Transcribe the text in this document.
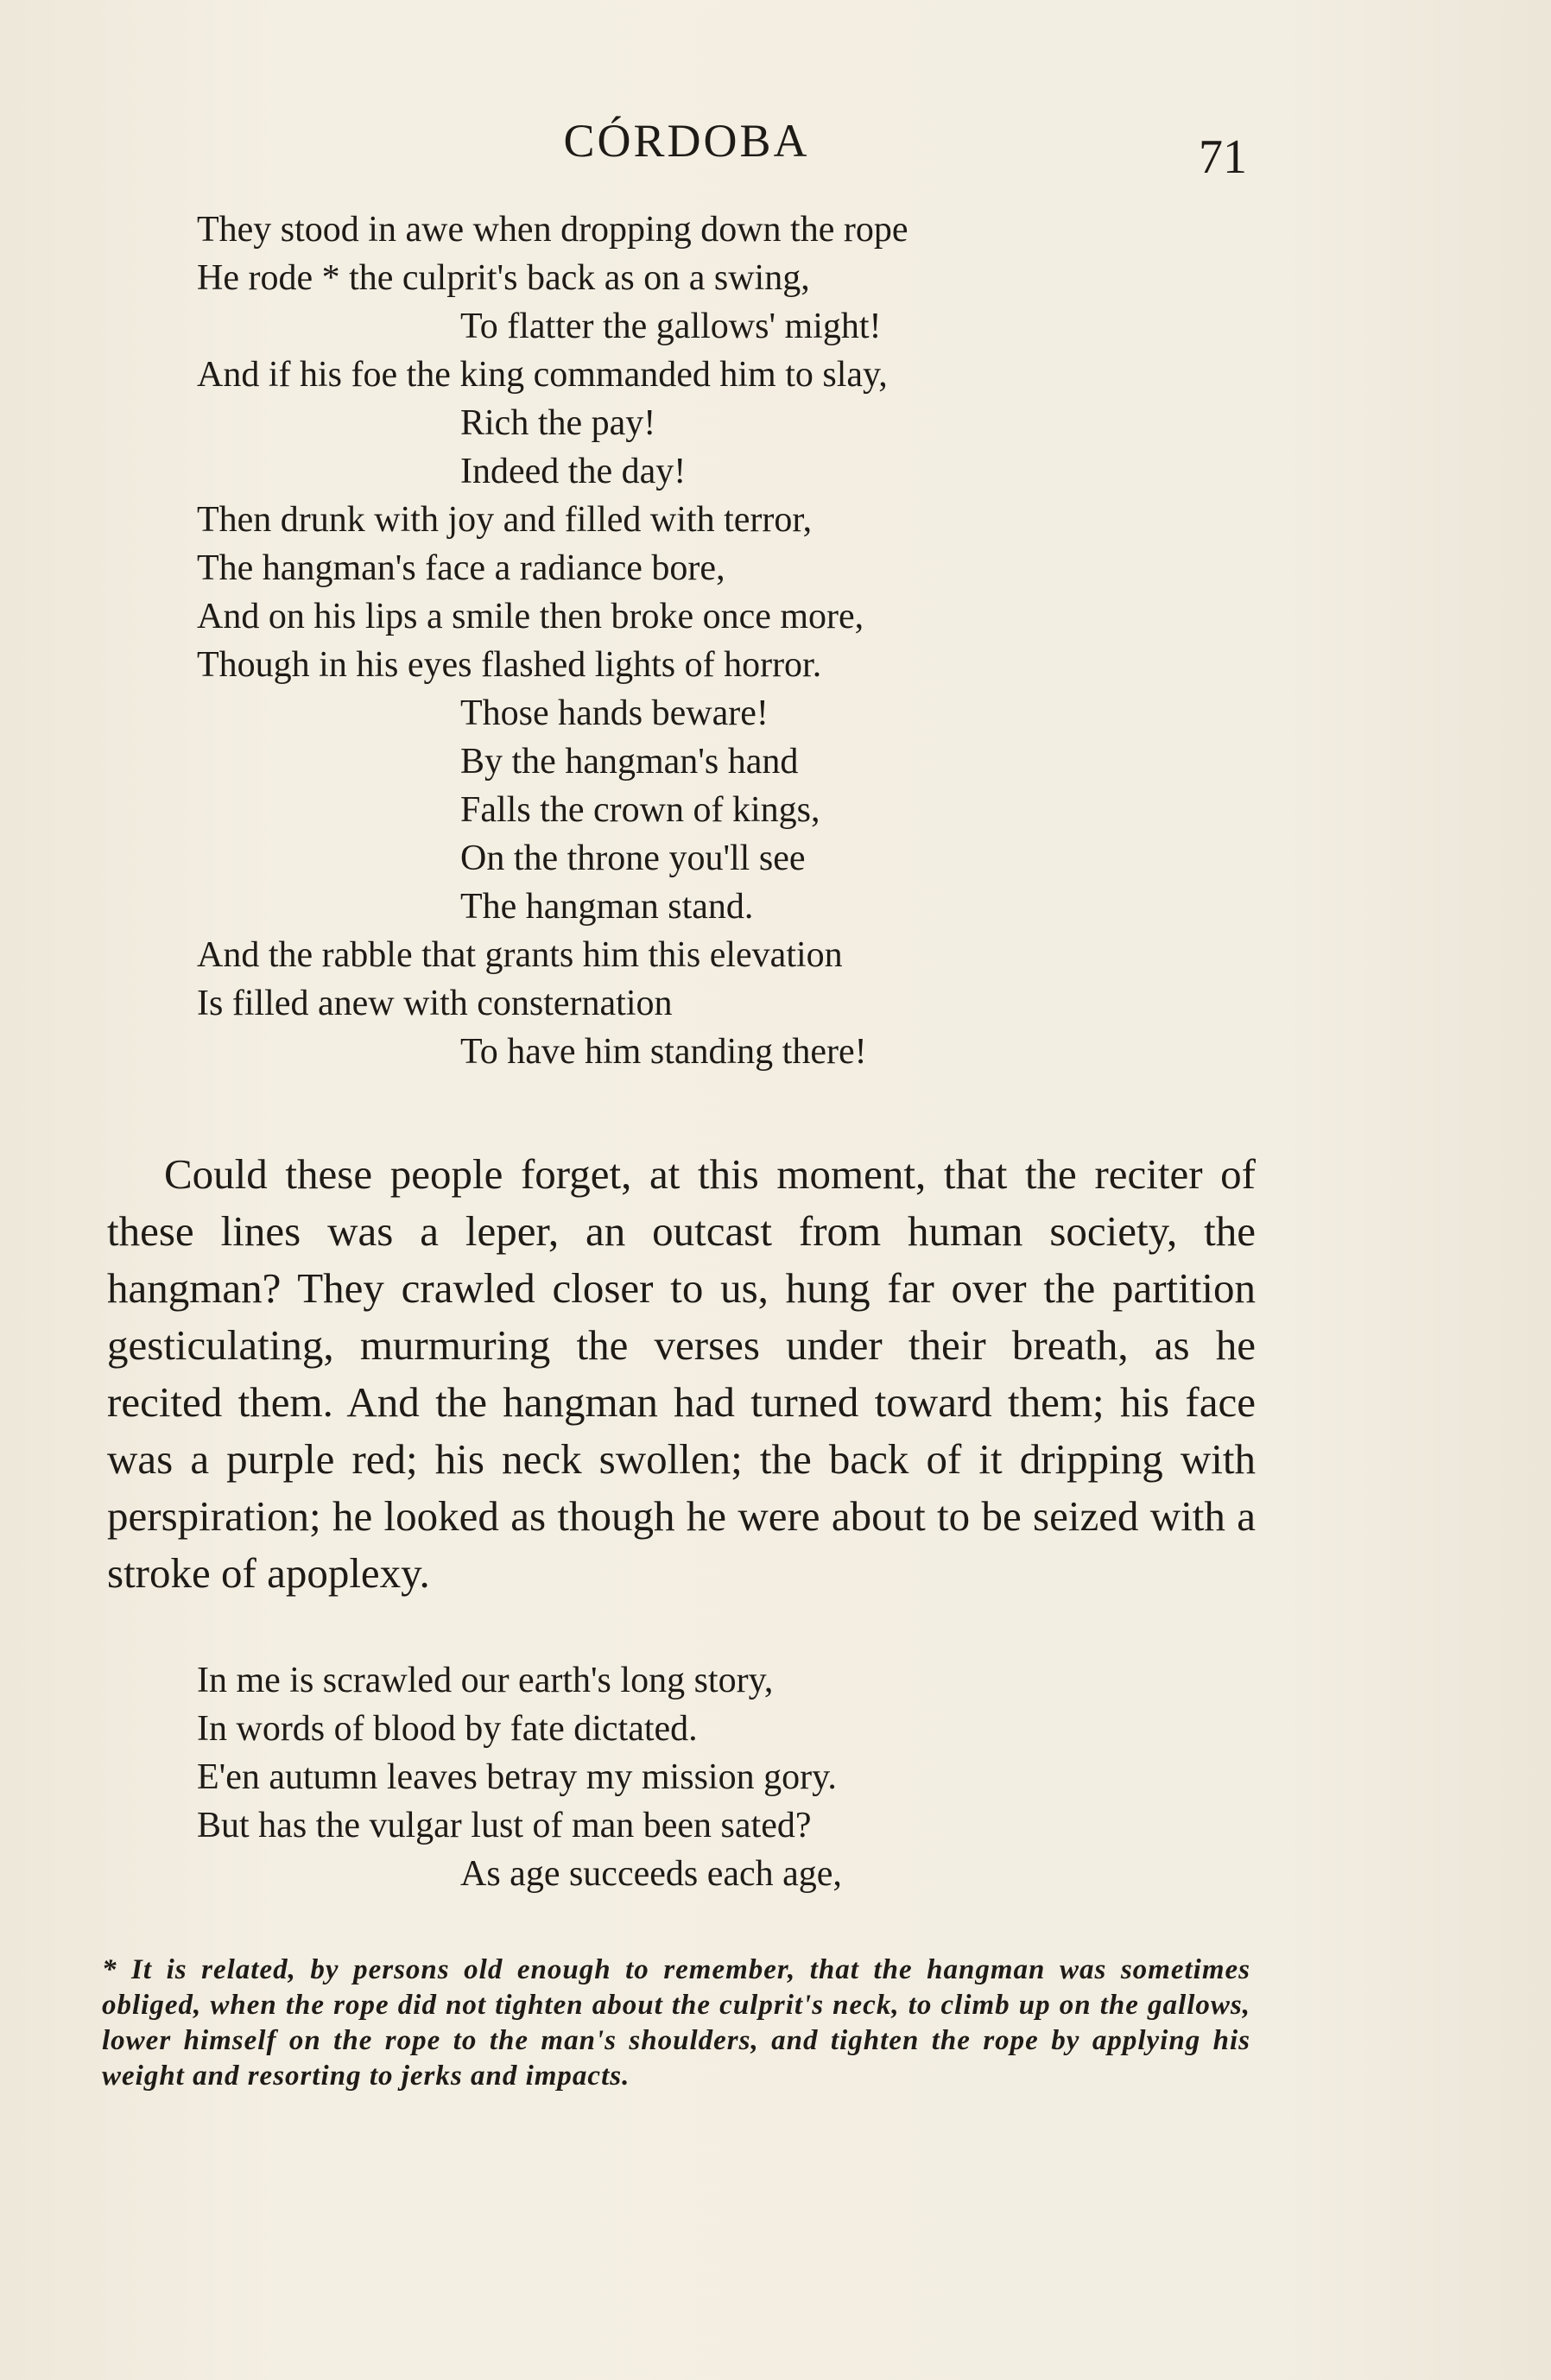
CÓRDOBA	71
They stood in awe when dropping down the rope
He rode * the culprit's back as on a swing,
To flatter the gallows' might!
And if his foe the king commanded him to slay,
Rich the pay!
Indeed the day!
Then drunk with joy and filled with terror,
The hangman's face a radiance bore,
And on his lips a smile then broke once more,
Though in his eyes flashed lights of horror.
Those hands beware!
By the hangman's hand
Falls the crown of kings,
On the throne you'll see
The hangman stand.
And the rabble that grants him this elevation
Is filled anew with consternation
To have him standing there!

Could these people forget, at this moment, that the reciter of these lines was a leper, an outcast from human society, the hangman? They crawled closer to us, hung far over the partition gesticulating, murmuring the verses under their breath, as he recited them. And the hangman had turned toward them; his face was a purple red; his neck swollen; the back of it dripping with perspiration; he looked as though he were about to be seized with a stroke of apoplexy.

In me is scrawled our earth's long story,
In words of blood by fate dictated.
E'en autumn leaves betray my mission gory.
But has the vulgar lust of man been sated?
As age succeeds each age,

* It is related, by persons old enough to remember, that the hangman was sometimes obliged, when the rope did not tighten about the culprit's neck, to climb up on the gallows, lower himself on the rope to the man's shoulders, and tighten the rope by applying his weight and resorting to jerks and impacts.
